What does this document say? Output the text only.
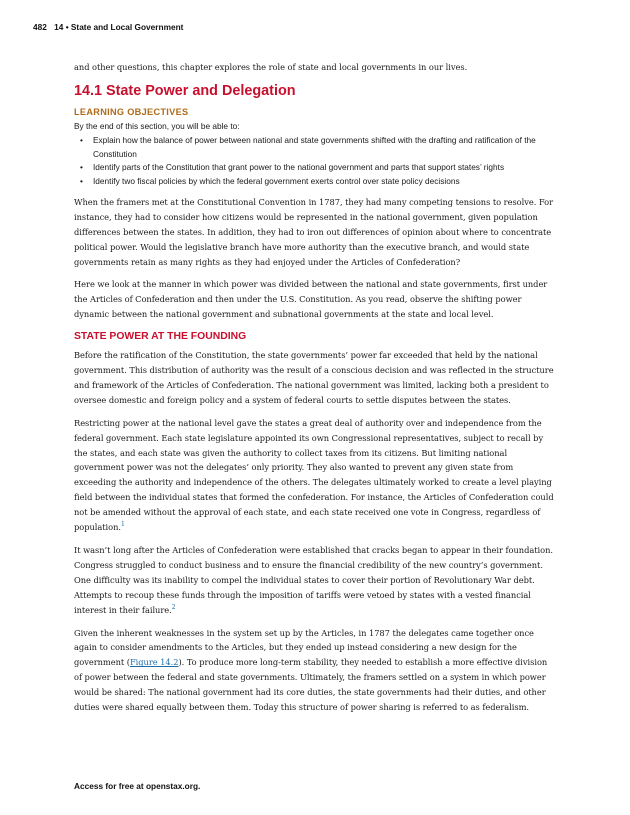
482 14 • State and Local Government

and other questions, this chapter explores the role of state and local governments in our lives.

14.1 State Power and Delegation
LEARNING OBJECTIVES

By the end of this section, you will be able to:

• Explain how the balance of power between national and state governments shifted with the drafting and ratification of the Constitution
• Identify parts of the Constitution that grant power to the national government and parts that support states’ rights
• Identify two fiscal policies by which the federal government exerts control over state policy decisions

When the framers met at the Constitutional Convention in 1787, they had many competing tensions to resolve. For instance, they had to consider how citizens would be represented in the national government, given population differences between the states. In addition, they had to iron out differences of opinion about where to concentrate political power. Would the legislative branch have more authority than the executive branch, and would state governments retain as many rights as they had enjoyed under the Articles of Confederation?

Here we look at the manner in which power was divided between the national and state governments, first under the Articles of Confederation and then under the U.S. Constitution. As you read, observe the shifting power dynamic between the national government and subnational governments at the state and local level.

STATE POWER AT THE FOUNDING

Before the ratification of the Constitution, the state governments’ power far exceeded that held by the national government. This distribution of authority was the result of a conscious decision and was reflected in the structure and framework of the Articles of Confederation. The national government was limited, lacking both a president to oversee domestic and foreign policy and a system of federal courts to settle disputes between the states.

Restricting power at the national level gave the states a great deal of authority over and independence from the federal government. Each state legislature appointed its own Congressional representatives, subject to recall by the states, and each state was given the authority to collect taxes from its citizens. But limiting national government power was not the delegates’ only priority. They also wanted to prevent any given state from exceeding the authority and independence of the others. The delegates ultimately worked to create a level playing field between the individual states that formed the confederation. For instance, the Articles of Confederation could not be amended without the approval of each state, and each state received one vote in Congress, regardless of population.$^1$

It wasn’t long after the Articles of Confederation were established that cracks began to appear in their foundation. Congress struggled to conduct business and to ensure the financial credibility of the new country’s government. One difficulty was its inability to compel the individual states to cover their portion of Revolutionary War debt. Attempts to recoup these funds through the imposition of tariffs were vetoed by states with a vested financial interest in their failure.$^2$

Given the inherent weaknesses in the system set up by the Articles, in 1787 the delegates came together once again to consider amendments to the Articles, but they ended up instead considering a new design for the government (Figure 14.2). To produce more long-term stability, they needed to establish a more effective division of power between the federal and state governments. Ultimately, the framers settled on a system in which power would be shared: The national government had its core duties, the state governments had their duties, and other duties were shared equally between them. Today this structure of power sharing is referred to as federalism.

Access for free at openstax.org.
